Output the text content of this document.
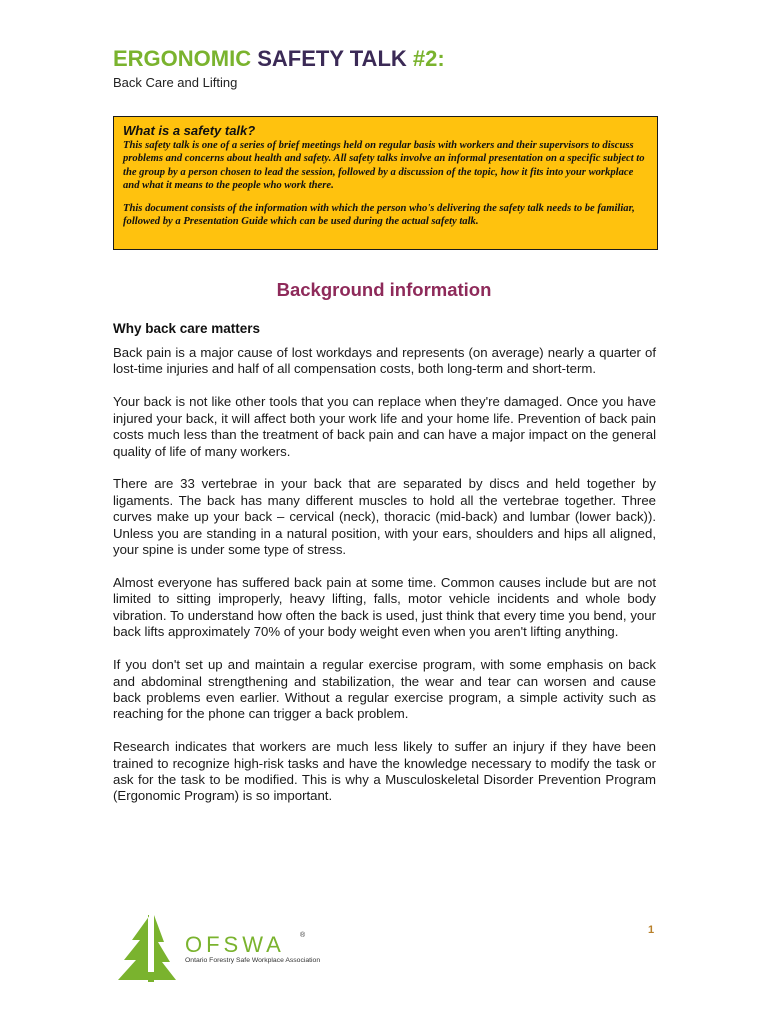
ERGONOMIC SAFETY TALK #2:
Back Care and Lifting
What is a safety talk?

This safety talk is one of a series of brief meetings held on regular basis with workers and their supervisors to discuss problems and concerns about health and safety. All safety talks involve an informal presentation on a specific subject to the group by a person chosen to lead the session, followed by a discussion of the topic, how it fits into your workplace and what it means to the people who work there.

This document consists of the information with which the person who's delivering the safety talk needs to be familiar, followed by a Presentation Guide which can be used during the actual safety talk.

Background information
Why back care matters

Back pain is a major cause of lost workdays and represents (on average) nearly a quarter of lost-time injuries and half of all compensation costs, both long-term and short-term.

Your back is not like other tools that you can replace when they're damaged. Once you have injured your back, it will affect both your work life and your home life. Prevention of back pain costs much less than the treatment of back pain and can have a major impact on the general quality of life of many workers.

There are 33 vertebrae in your back that are separated by discs and held together by ligaments. The back has many different muscles to hold all the vertebrae together. Three curves make up your back – cervical (neck), thoracic (mid-back) and lumbar (lower back)). Unless you are standing in a natural position, with your ears, shoulders and hips all aligned, your spine is under some type of stress.

Almost everyone has suffered back pain at some time. Common causes include but are not limited to sitting improperly, heavy lifting, falls, motor vehicle incidents and whole body vibration. To understand how often the back is used, just think that every time you bend, your back lifts approximately 70% of your body weight even when you aren't lifting anything.

If you don't set up and maintain a regular exercise program, with some emphasis on back and abdominal strengthening and stabilization, the wear and tear can worsen and cause back problems even earlier. Without a regular exercise program, a simple activity such as reaching for the phone can trigger a back problem.

Research indicates that workers are much less likely to suffer an injury if they have been trained to recognize high-risk tasks and have the knowledge necessary to modify the task or ask for the task to be modified. This is why a Musculoskeletal Disorder Prevention Program (Ergonomic Program) is so important.

OFSWA ®
Ontario Forestry Safe Workplace Association
1
